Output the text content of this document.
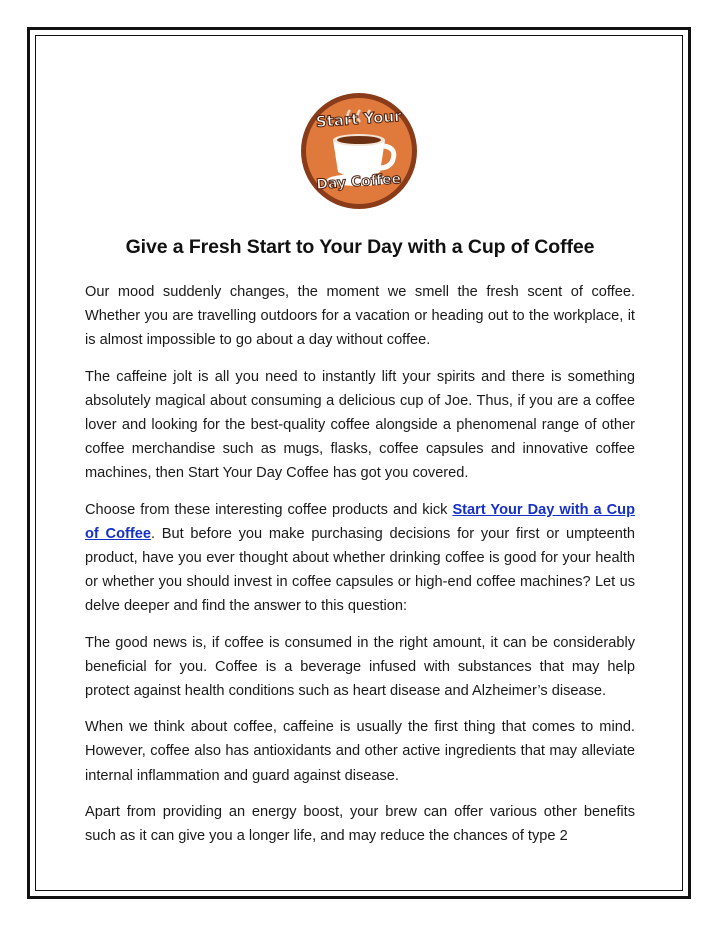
Start Your
Day Coffee
Give a Fresh Start to Your Day with a Cup of Coffee

Our mood suddenly changes, the moment we smell the fresh scent of coffee. Whether you are travelling outdoors for a vacation or heading out to the workplace, it is almost impossible to go about a day without coffee.

The caffeine jolt is all you need to instantly lift your spirits and there is something absolutely magical about consuming a delicious cup of Joe. Thus, if you are a coffee lover and looking for the best-quality coffee alongside a phenomenal range of other coffee merchandise such as mugs, flasks, coffee capsules and innovative coffee machines, then Start Your Day Coffee has got you covered.

Choose from these interesting coffee products and kick Start Your Day with a Cup of Coffee. But before you make purchasing decisions for your first or umpteenth product, have you ever thought about whether drinking coffee is good for your health or whether you should invest in coffee capsules or high-end coffee machines? Let us delve deeper and find the answer to this question:

The good news is, if coffee is consumed in the right amount, it can be considerably beneficial for you. Coffee is a beverage infused with substances that may help protect against health conditions such as heart disease and Alzheimer’s disease.

When we think about coffee, caffeine is usually the first thing that comes to mind. However, coffee also has antioxidants and other active ingredients that may alleviate internal inflammation and guard against disease.

Apart from providing an energy boost, your brew can offer various other benefits such as it can give you a longer life, and may reduce the chances of type 2
